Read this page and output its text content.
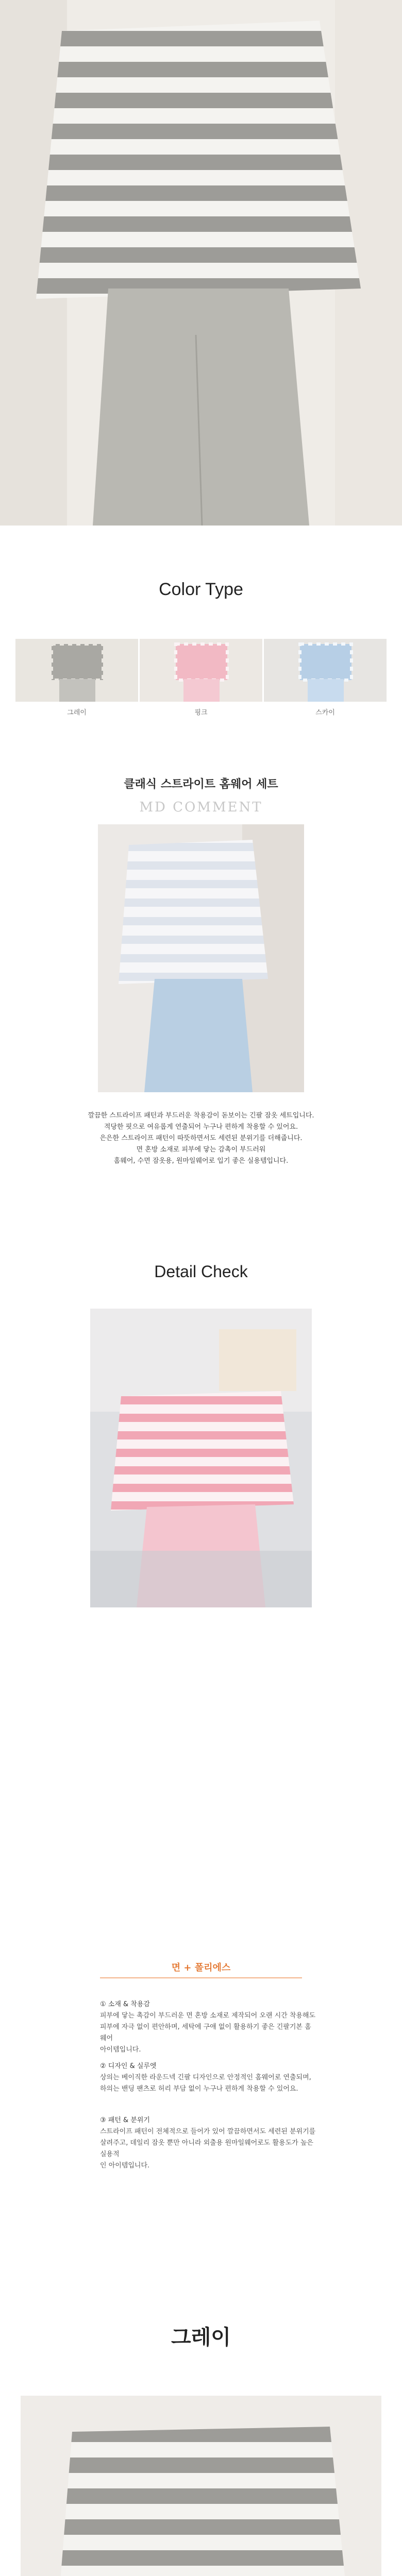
Color Type
그레이	핑크	스카이
클래식 스트라이트 홈웨어 세트
MD COMMENT
깔끔한 스트라이프 패턴과 부드러운 착용감이 돋보이는 긴팔 잠옷 세트입니다.
적당한 핏으로 여유롭게 연출되어 누구나 편하게 착용할 수 있어요.
은은한 스트라이프 패턴이 따뜻하면서도 세련된 분위기를 더해줍니다.
면 혼방 소재로 피부에 닿는 감촉이 부드러워
홈웨어, 수면 잠옷용, 원마일웨어로 입기 좋은 실용템입니다.
Detail Check
면 + 폴리에스
① 소재 & 착용감
피부에 닿는 촉감이 부드러운 면 혼방 소재로 제작되어 오랜 시간 착용해도
피부에 자극 없이 편안하며, 세탁에 구애 없이 활용하기 좋은 긴팔기본 홈웨어
아이템입니다.
② 디자인 & 실루엣
상의는 베이직한 라운드넥 긴팔 디자인으로 안정적인 홈웨어로 연출되며,
하의는 밴딩 팬츠로 허리 부담 없이 누구나 편하게 착용할 수 있어요.
③ 패턴 & 분위기
스트라이프 패턴이 전체적으로 들어가 있어 깔끔하면서도 세련된 분위기를
살려주고, 데일리 잠옷 뿐만 아니라 외출용 원마일웨어로도 활용도가 높은 실용적
인 아이템입니다.
그레이
